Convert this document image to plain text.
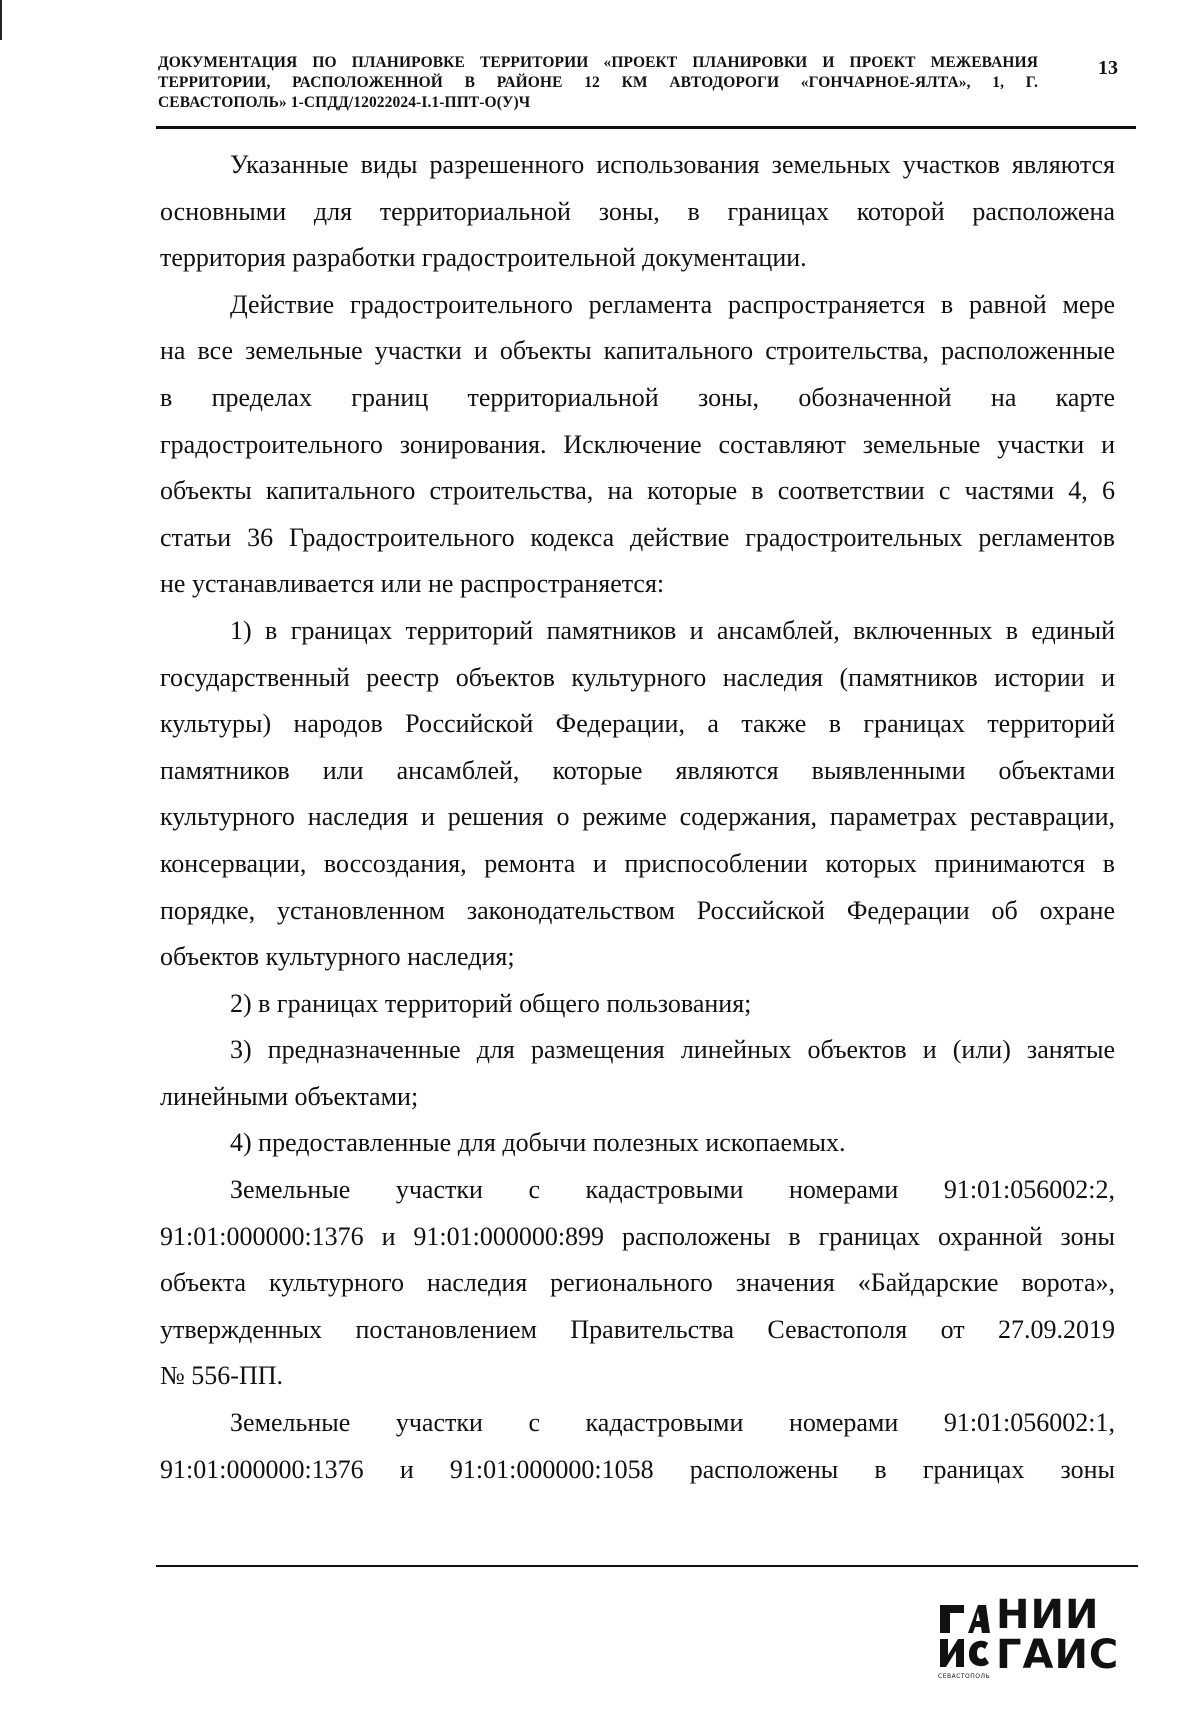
ДОКУМЕНТАЦИЯ ПО ПЛАНИРОВКЕ ТЕРРИТОРИИ «ПРОЕКТ ПЛАНИРОВКИ И ПРОЕКТ МЕЖЕВАНИЯ
ТЕРРИТОРИИ, РАСПОЛОЖЕННОЙ В РАЙОНЕ 12 КМ АВТОДОРОГИ «ГОНЧАРНОЕ-ЯЛТА», 1, Г.
СЕВАСТОПОЛЬ» 1-СПДД/12022024-I.1-ППТ-О(У)Ч
13
Указанные виды разрешенного использования земельных участков являются
основными для территориальной зоны, в границах которой расположена
территория разработки градостроительной документации.
Действие градостроительного регламента распространяется в равной мере
на все земельные участки и объекты капитального строительства, расположенные
в пределах границ территориальной зоны, обозначенной на карте
градостроительного зонирования. Исключение составляют земельные участки и
объекты капитального строительства, на которые в соответствии с частями 4, 6
статьи 36 Градостроительного кодекса действие градостроительных регламентов
не устанавливается или не распространяется:
1) в границах территорий памятников и ансамблей, включенных в единый
государственный реестр объектов культурного наследия (памятников истории и
культуры) народов Российской Федерации, а также в границах территорий
памятников или ансамблей, которые являются выявленными объектами
культурного наследия и решения о режиме содержания, параметрах реставрации,
консервации, воссоздания, ремонта и приспособлении которых принимаются в
порядке, установленном законодательством Российской Федерации об охране
объектов культурного наследия;
2) в границах территорий общего пользования;
3) предназначенные для размещения линейных объектов и (или) занятые
линейными объектами;
4) предоставленные для добычи полезных ископаемых.
Земельные участки с кадастровыми номерами 91:01:056002:2,
91:01:000000:1376 и 91:01:000000:899 расположены в границах охранной зоны
объекта культурного наследия регионального значения «Байдарские ворота»,
утвержденных постановлением Правительства Севастополя от 27.09.2019
№ 556-ПП.
Земельные участки с кадастровыми номерами 91:01:056002:1,
91:01:000000:1376 и 91:01:000000:1058 расположены в границах зоны
НИИ
ГАИС
СЕВАСТОПОЛЬ
